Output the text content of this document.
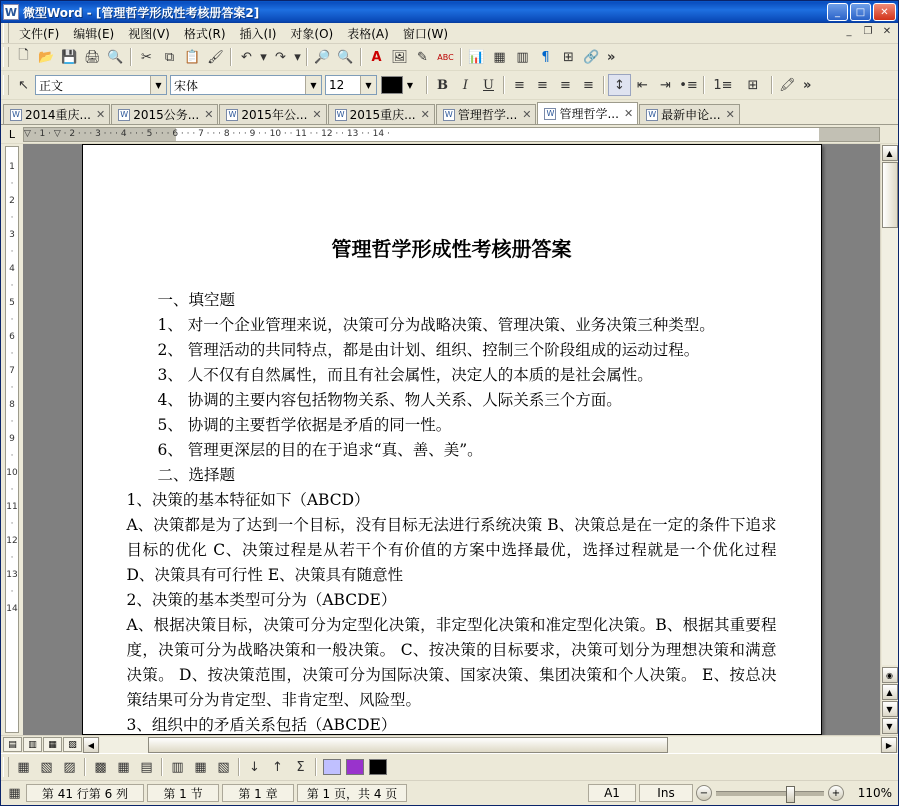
W 微型Word - [管理哲学形成性考核册答案2]	_	□	✕
文件(F)	编辑(E)	视图(V)	格式(R)	插入(I)	对象(O)	表格(A)	窗口(W)	_	❐	✕
🗋 📂 💾 🖨 🔍	✂ ⧉ 📋 🖌	↶ ▾ ↷ ▾ 🔎 🔍	A 🖼 ✎	ABC 📊 ▦ ▥ ¶	⊞ 🔗 »
↖ 正文	▼	宋体	▼	12	▼	▼	B	I	U	≡ ≡ ≡ ≡	↕ ⇤ ⇥ •≡	1≡	⊞	🖍 »
W 2014重庆... ✕ W 2015公务... ✕ W 2015年公... ✕ W 2015重庆... ✕ W 管理哲学... ✕ W 管理哲学... ✕ W 最新申论... ✕
L ▽ · 1 · ▽ · 2 · · · 3 · · · 4 · · · 5 · · · 6 · · · 7 · · · 8 · · · 9 · · 10 · · 11 · · 12 · · 13 · · 14 ·
1
·
2
·
3
·
4
·
5
·
6
·
7
·
8
·
9
·
10
·
11
·
12
·
13
·
14
管理哲学形成性考核册答案

一、填空题

1、 对一个企业管理来说，决策可分为战略决策、管理决策、业务决策三种类型。

2、 管理活动的共同特点，都是由计划、组织、控制三个阶段组成的运动过程。

3、 人不仅有自然属性，而且有社会属性，决定人的本质的是社会属性。

4、 协调的主要内容包括物物关系、物人关系、人际关系三个方面。

5、 协调的主要哲学依据是矛盾的同一性。

6、 管理更深层的目的在于追求“真、善、美”。

二、选择题

1、决策的基本特征如下（ABCD）

A、决策都是为了达到一个目标，没有目标无法进行系统决策 B、决策总是在一定的条件下追求目标的优化 C、决策过程是从若干个有价值的方案中选择最优，选择过程就是一个优化过程 D、决策具有可行性 E、决策具有随意性

2、决策的基本类型可分为（ABCDE）

A、根据决策目标，决策可分为定型化决策，非定型化决策和准定型化决策。B、根据其重要程度，决策可分为战略决策和一般决策。 C、按决策的目标要求，决策可划分为理想决策和满意决策。 D、按决策范围，决策可分为国际决策、国家决策、集团决策和个人决策。 E、按总决策结果可分为肯定型、非肯定型、风险型。

3、组织中的矛盾关系包括（ABCDE）

▲
◉
▲
▼
▼
▤	▥	▦	▧	◀	▶
▦ ▧ ▨	▩ ▦ ▤	▥ ▦ ▧	↓ ↑	Σ
▦	第 41 行第 6 列	第 1 节	第 1 章	第 1 页，共 4 页	A1	Ins	−	+	110%
